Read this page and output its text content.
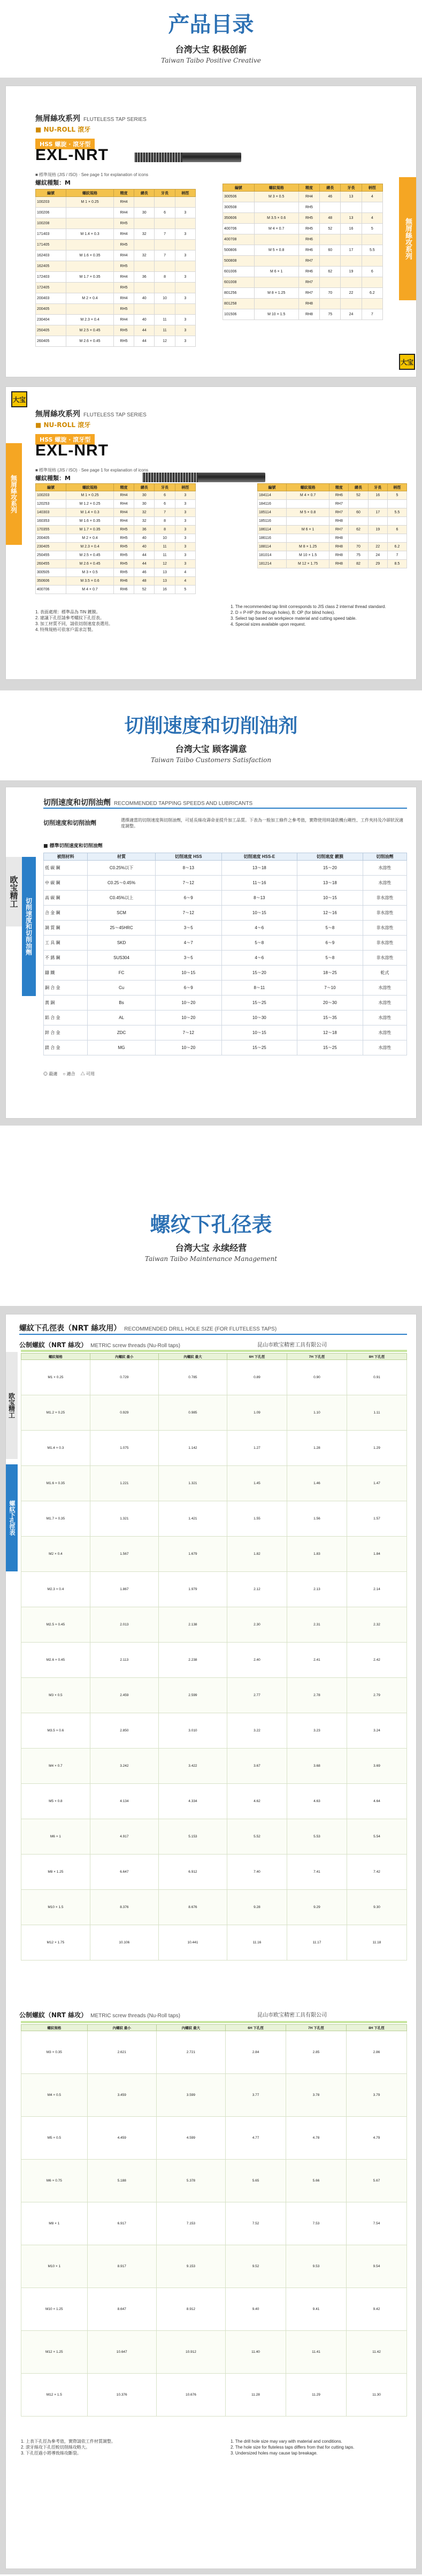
产品目录
台湾大宝 积极创新
Taiwan Taibo Positive Creative
無屑絲攻系列 FLUTELESS TAP SERIES
■ NU-ROLL 滾牙
HSS 螺旋 · 滾牙型
EXL-NRT
■ 標準規格 (JIS / ISO) · See page 1 for explanation of icons
螺紋種類：M
編號	螺紋規格	精度	總長	牙長	柄徑
100203	M 1 × 0.25	RH4			
100206		RH4	30	6	3
100208		RH5			
171403	M 1.4 × 0.3	RH4	32	7	3
171405		RH5			
162403	M 1.6 × 0.35	RH4	32	7	3
162405		RH5			
172403	M 1.7 × 0.35	RH4	36	8	3
172405		RH5			
200403	M 2 × 0.4	RH4	40	10	3
200405		RH5			
230404	M 2.3 × 0.4	RH4	40	11	3
250405	M 2.5 × 0.45	RH5	44	11	3
260405	M 2.6 × 0.45	RH5	44	12	3
編號	螺紋規格	精度	總長	牙長	柄徑
300506	M 3 × 0.5	RH4	46	13	4
300508		RH5			
350606	M 3.5 × 0.6	RH5	48	13	4
400706	M 4 × 0.7	RH5	52	16	5
400708		RH6			
500806	M 5 × 0.8	RH6	60	17	5.5
500808		RH7			
601006	M 6 × 1	RH6	62	19	6
601008		RH7			
801256	M 8 × 1.25	RH7	70	22	6.2
801258		RH8			
101506	M 10 × 1.5	RH8	75	24	7
無屑絲攻系列
大宝
大宝
無屑絲攻系列 FLUTELESS TAP SERIES
■ NU-ROLL 滾牙
HSS 螺旋 · 滾牙型
EXL-NRT
■ 標準規格 (JIS / ISO) · See page 1 for explanation of icons
螺紋種類：M
無屑絲攻系列	編號	螺紋規格	精度	總長	牙長	柄徑
100203	M 1 × 0.25	RH4	30	6	3
120253	M 1.2 × 0.25	RH4	30	6	3
140303	M 1.4 × 0.3	RH4	32	7	3
160353	M 1.6 × 0.35	RH4	32	8	3
170355	M 1.7 × 0.35	RH5	36	8	3
200405	M 2 × 0.4	RH5	40	10	3
230405	M 2.3 × 0.4	RH5	40	11	3
250455	M 2.5 × 0.45	RH5	44	11	3
260455	M 2.6 × 0.45	RH5	44	12	3
300505	M 3 × 0.5	RH5	46	13	4
350606	M 3.5 × 0.6	RH6	48	13	4
400706	M 4 × 0.7	RH6	52	16	5
編號	螺紋規格	精度	總長	牙長	柄徑
184114	M 4 × 0.7	RH6	52	16	5
184116		RH7			
185114	M 5 × 0.8	RH7	60	17	5.5
185116		RH8			
186114	M 6 × 1	RH7	62	19	6
186116		RH8			
188114	M 8 × 1.25	RH8	70	22	6.2
181014	M 10 × 1.5	RH8	75	24	7
181214	M 12 × 1.75	RH8	82	29	8.5
1. 表面處理：標準品為 TiN 鍍膜。
2. 建議下孔徑請參考螺紋下孔徑表。
3. 加工材質不同，請依切削速度表選用。
4. 特殊規格可依客戶需求訂製。
1. The recommended tap limit corresponds to JIS class 2 internal thread standard.
2. D = P-HP (for through holes), B: OP (for blind holes).
3. Select tap based on workpiece material and cutting speed table.
4. Special sizes available upon request.
切削速度和切削油剂
台湾大宝 顾客满意
Taiwan Taibo Customers Satisfaction
切削速度和切削油劑 RECOMMENDED TAPPING SPEEDS AND LUBRICANTS
切削速度和切削油劑	選擇適當的切削速度與切削油劑，可延長絲攻壽命並提升加工品質。下表為一般加工條件之參考值，實際使用時請依機台剛性、工件夾持及冷卻狀況適度調整。
■ 標準切削速度和切削油劑
欧宝精工
切削速度和切削油劑
被削材料	材質	切削速度 HSS	切削速度 HSS-E	切削速度 鍍膜	切削油劑
低 碳 鋼	C0.25%以下	8～13	13～18	15～20	水溶性
中 碳 鋼	C0.25～0.45%	7～12	11～16	13～18	水溶性
高 碳 鋼	C0.45%以上	6～9	8～13	10～15	非水溶性
合 金 鋼	SCM	7～12	10～15	12～16	非水溶性
調 質 鋼	25～45HRC	3～5	4～6	5～8	非水溶性
工 具 鋼	SKD	4～7	5～8	6～9	非水溶性
不 銹 鋼	SUS304	3～5	4～6	5～8	非水溶性
鑄 鐵	FC	10～15	15～20	18～25	乾式
銅 合 金	Cu	6～9	8～11	7～10	水溶性
黃 銅	Bs	10～20	15～25	20～30	水溶性
鋁 合 金	AL	10～20	10～30	15～35	水溶性
鋅 合 金	ZDC	7～12	10～15	12～18	水溶性
鎂 合 金	MG	10～20	15～25	15～25	水溶性
◎ 最適　 ○ 適合　 △ 可用
螺纹下孔径表
台湾大宝 永续经营
Taiwan Taibo Maintenance Management
螺紋下孔徑表（NRT 絲攻用） RECOMMENDED DRILL HOLE SIZE (FOR FLUTELESS TAPS)
公制螺紋（NRT 絲攻） METRIC screw threads (Nu-Roll taps)	昆山市欧宝精密工具有限公司
欧宝精工
螺紋下孔徑表
螺紋規格	內螺紋 最小	內螺紋 最大	6H 下孔徑	7H 下孔徑	8H 下孔徑
M1 × 0.25	0.729	0.785	0.89	0.90	0.91
M1.2 × 0.25	0.929	0.985	1.09	1.10	1.11
M1.4 × 0.3	1.075	1.142	1.27	1.28	1.29
M1.6 × 0.35	1.221	1.321	1.45	1.46	1.47
M1.7 × 0.35	1.321	1.421	1.55	1.56	1.57
M2 × 0.4	1.567	1.679	1.82	1.83	1.84
M2.3 × 0.4	1.867	1.979	2.12	2.13	2.14
M2.5 × 0.45	2.013	2.138	2.30	2.31	2.32
M2.6 × 0.45	2.113	2.238	2.40	2.41	2.42
M3 × 0.5	2.459	2.599	2.77	2.78	2.79
M3.5 × 0.6	2.850	3.010	3.22	3.23	3.24
M4 × 0.7	3.242	3.422	3.67	3.68	3.69
M5 × 0.8	4.134	4.334	4.62	4.63	4.64
M6 × 1	4.917	5.153	5.52	5.53	5.54
M8 × 1.25	6.647	6.912	7.40	7.41	7.42
M10 × 1.5	8.376	8.676	9.28	9.29	9.30
M12 × 1.75	10.106	10.441	11.16	11.17	11.18
公制螺紋（NRT 絲攻） METRIC screw threads (Nu-Roll taps)	昆山市欧宝精密工具有限公司
螺紋規格	內螺紋 最小	內螺紋 最大	6H 下孔徑	7H 下孔徑	8H 下孔徑
M3 × 0.35	2.621	2.721	2.84	2.85	2.86
M4 × 0.5	3.459	3.599	3.77	3.78	3.79
M5 × 0.5	4.459	4.599	4.77	4.78	4.79
M6 × 0.75	5.188	5.378	5.65	5.66	5.67
M8 × 1	6.917	7.153	7.52	7.53	7.54
M10 × 1	8.917	9.153	9.52	9.53	9.54
M10 × 1.25	8.647	8.912	9.40	9.41	9.42
M12 × 1.25	10.647	10.912	11.40	11.41	11.42
M12 × 1.5	10.376	10.676	11.28	11.29	11.30
1. 上表下孔徑為參考值，實際請依工件材質調整。
2. 滾牙絲攻下孔徑較切削絲攻略大。
3. 下孔徑過小將導致絲攻斷裂。
1. The drill hole size may vary with material and conditions.
2. The hole size for fluteless taps differs from that for cutting taps.
3. Undersized holes may cause tap breakage.
